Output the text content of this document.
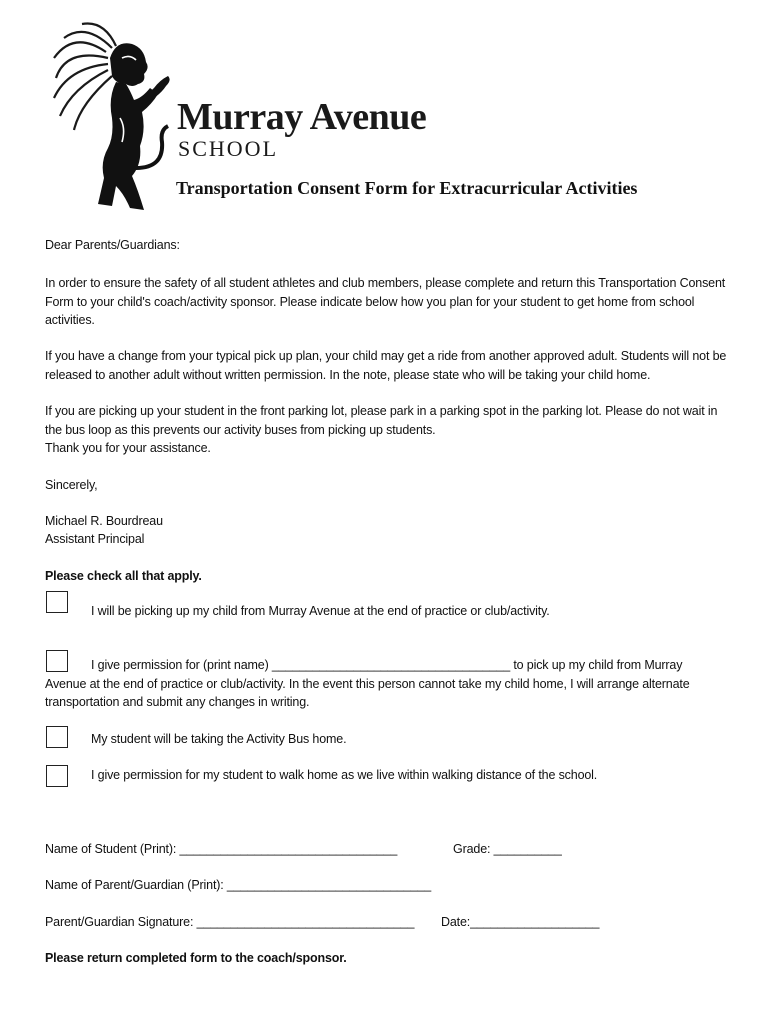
Murray Avenue
SCHOOL
Transportation Consent Form for Extracurricular Activities
Dear Parents/Guardians:
In order to ensure the safety of all student athletes and club members, please complete and return this Transportation Consent Form to your child's coach/activity sponsor. Please indicate below how you plan for your student to get home from school activities.
If you have a change from your typical pick up plan, your child may get a ride from another approved adult. Students will not be released to another adult without written permission. In the note, please state who will be taking your child home.
If you are picking up your student in the front parking lot, please park in a parking spot in the parking lot. Please do not wait in the bus loop as this prevents our activity buses from picking up students.
Thank you for your assistance.
Sincerely,
Michael R. Bourdreau
Assistant Principal
Please check all that apply.
I will be picking up my child from Murray Avenue at the end of practice or club/activity.
I give permission for (print name) ___________________________________ to pick up my child from Murray
Avenue at the end of practice or club/activity. In the event this person cannot take my child home, I will arrange alternate
transportation and submit any changes in writing.
My student will be taking the Activity Bus home.
I give permission for my student to walk home as we live within walking distance of the school.
Name of Student (Print): ________________________________	Grade: __________
Name of Parent/Guardian (Print): ______________________________
Parent/Guardian Signature: ________________________________ Date:___________________
Please return completed form to the coach/sponsor.
